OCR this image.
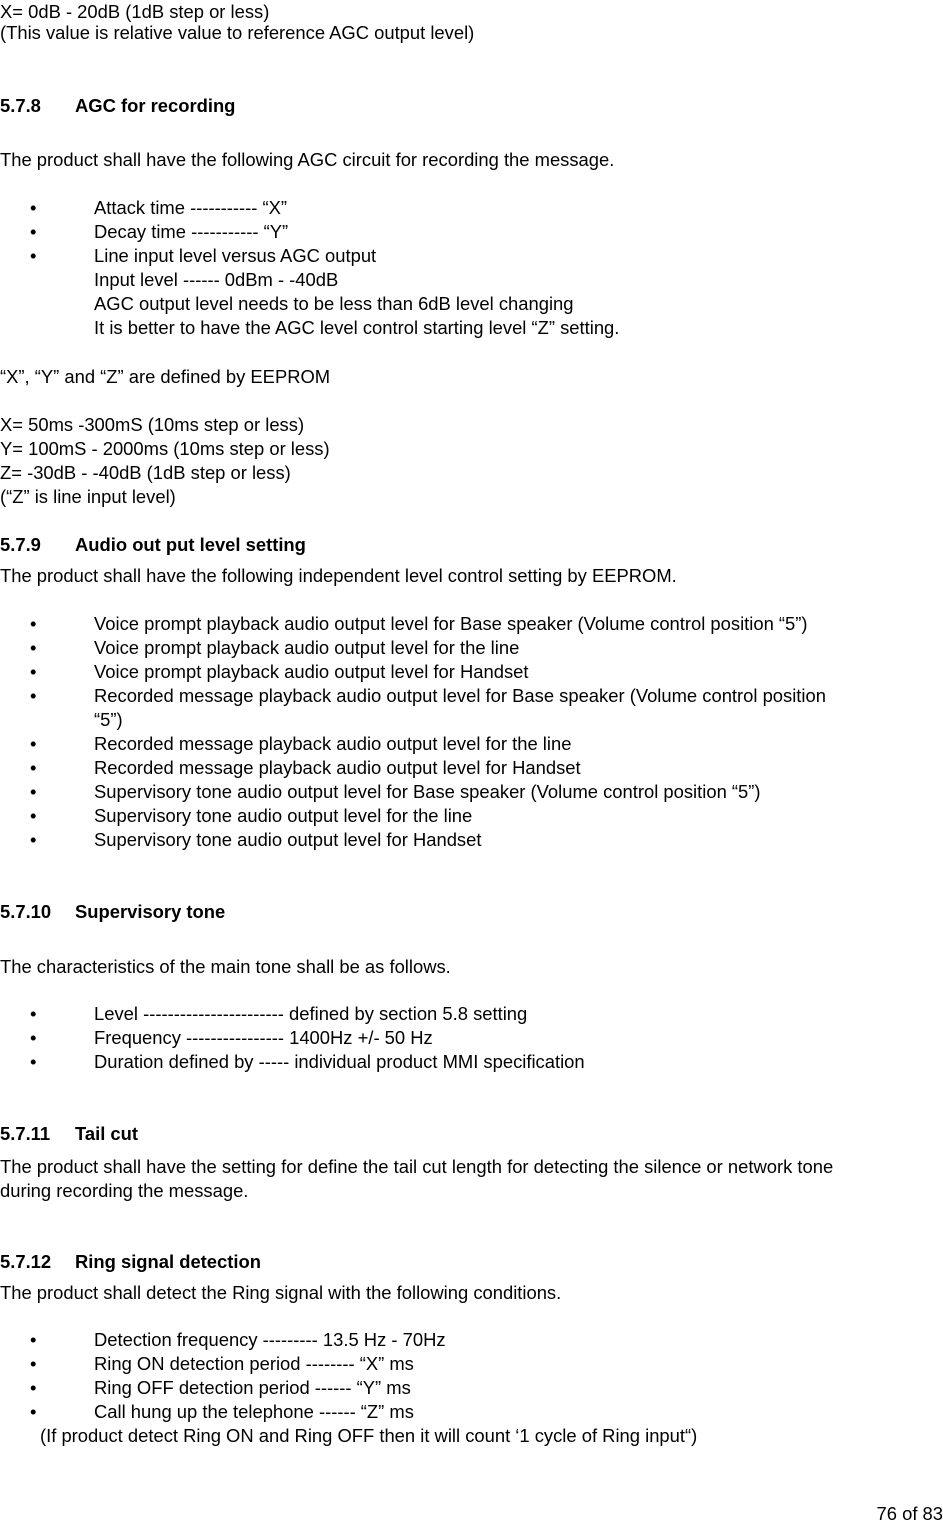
X= 0dB - 20dB (1dB step or less)
(This value is relative value to reference AGC output level)
5.7.8 AGC for recording
The product shall have the following AGC circuit for recording the message.
•	Attack time ----------- “X”
•	Decay time ----------- “Y”
•	Line input level versus AGC output
Input level ------ 0dBm - -40dB
AGC output level needs to be less than 6dB level changing
It is better to have the AGC level control starting level “Z” setting.
“X”, “Y” and “Z” are defined by EEPROM
X= 50ms -300mS (10ms step or less)
Y= 100mS - 2000ms (10ms step or less)
Z= -30dB - -40dB (1dB step or less)
(“Z” is line input level)
5.7.9 Audio out put level setting
The product shall have the following independent level control setting by EEPROM.
•	Voice prompt playback audio output level for Base speaker (Volume control position “5”)
•	Voice prompt playback audio output level for the line
•	Voice prompt playback audio output level for Handset
•	Recorded message playback audio output level for Base speaker (Volume control position
“5”)
•	Recorded message playback audio output level for the line
•	Recorded message playback audio output level for Handset
•	Supervisory tone audio output level for Base speaker (Volume control position “5”)
•	Supervisory tone audio output level for the line
•	Supervisory tone audio output level for Handset
5.7.10 Supervisory tone
The characteristics of the main tone shall be as follows.
•	Level ----------------------- defined by section 5.8 setting
•	Frequency ---------------- 1400Hz +/- 50 Hz
•	Duration defined by ----- individual product MMI specification
5.7.11 Tail cut
The product shall have the setting for define the tail cut length for detecting the silence or network tone
during recording the message.
5.7.12 Ring signal detection
The product shall detect the Ring signal with the following conditions.
•	Detection frequency --------- 13.5 Hz - 70Hz
•	Ring ON detection period -------- “X” ms
•	Ring OFF detection period ------ “Y” ms
•	Call hung up the telephone ------ “Z” ms
(If product detect Ring ON and Ring OFF then it will count ‘1 cycle of Ring input“)
76 of 83
